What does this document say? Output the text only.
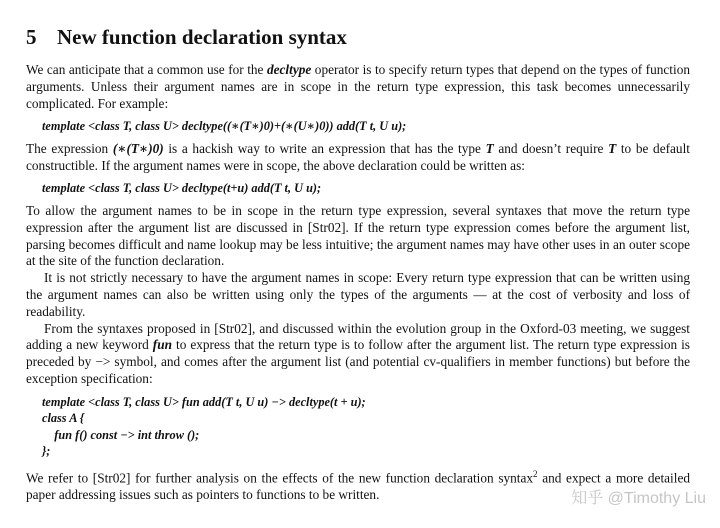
5 New function declaration syntax

We can anticipate that a common use for the decltype operator is to specify return types that depend on the types of function arguments. Unless their argument names are in scope in the return type expression, this task becomes unnecessarily complicated. For example:

template <class T, class U> decltype((∗(T∗)0)+(∗(U∗)0)) add(T t, U u);

The expression (∗(T∗)0) is a hackish way to write an expression that has the type T and doesn’t require T to be default constructible. If the argument names were in scope, the above declaration could be written as:

template <class T, class U> decltype(t+u) add(T t, U u);

To allow the argument names to be in scope in the return type expression, several syntaxes that move the return type expression after the argument list are discussed in [Str02]. If the return type expression comes before the argument list, parsing becomes difficult and name lookup may be less intuitive; the argument names may have other uses in an outer scope at the site of the function declaration.

It is not strictly necessary to have the argument names in scope: Every return type expression that can be written using the argument names can also be written using only the types of the arguments — at the cost of verbosity and loss of readability.

From the syntaxes proposed in [Str02], and discussed within the evolution group in the Oxford-03 meeting, we suggest adding a new keyword fun to express that the return type is to follow after the argument list. The return type expression is preceded by −> symbol, and comes after the argument list (and potential cv-qualifiers in member functions) but before the exception specification:

template <class T, class U> fun add(T t, U u) −> decltype(t + u);
class A {
fun f() const −> int throw ();
};

We refer to [Str02] for further analysis on the effects of the new function declaration syntax$^2$ and expect a more detailed paper addressing issues such as pointers to functions to be written.	知乎 @Timothy Liu
